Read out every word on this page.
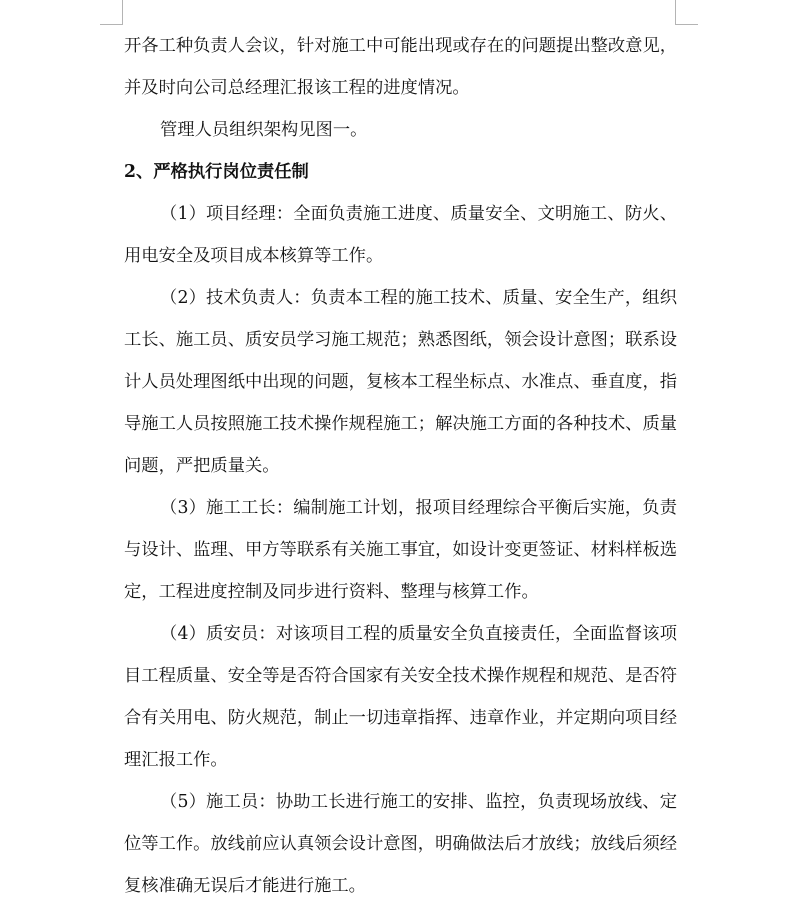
开各工种负责人会议，针对施工中可能出现或存在的问题提出整改意见，并及时向公司总经理汇报该工程的进度情况。

管理人员组织架构见图一。

2、严格执行岗位责任制

（1）项目经理：全面负责施工进度、质量安全、文明施工、防火、用电安全及项目成本核算等工作。

（2）技术负责人：负责本工程的施工技术、质量、安全生产，组织工长、施工员、质安员学习施工规范；熟悉图纸，领会设计意图；联系设计人员处理图纸中出现的问题，复核本工程坐标点、水准点、垂直度，指导施工人员按照施工技术操作规程施工；解决施工方面的各种技术、质量问题，严把质量关。

（3）施工工长：编制施工计划，报项目经理综合平衡后实施，负责与设计、监理、甲方等联系有关施工事宜，如设计变更签证、材料样板选定，工程进度控制及同步进行资料、整理与核算工作。

（4）质安员：对该项目工程的质量安全负直接责任，全面监督该项目工程质量、安全等是否符合国家有关安全技术操作规程和规范、是否符合有关用电、防火规范，制止一切违章指挥、违章作业，并定期向项目经理汇报工作。

（5）施工员：协助工长进行施工的安排、监控，负责现场放线、定位等工作。放线前应认真领会设计意图，明确做法后才放线；放线后须经复核准确无误后才能进行施工。
